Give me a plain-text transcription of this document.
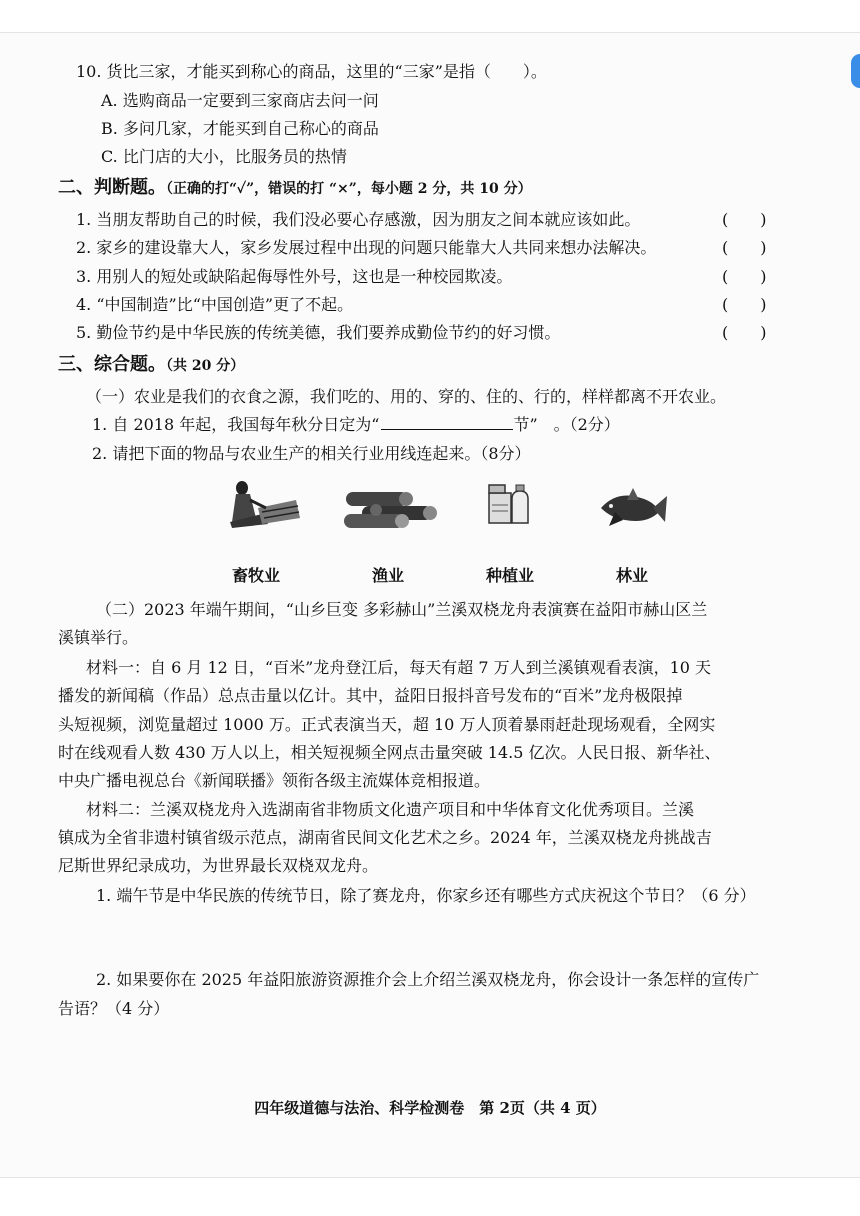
10. 货比三家，才能买到称心的商品，这里的“三家”是指（　　）。
A. 选购商品一定要到三家商店去问一问
B. 多问几家，才能买到自己称心的商品
C. 比门店的大小，比服务员的热情
二、判断题。（正确的打“✓”，错误的打 “×”，每小题 2 分，共 10 分）
1. 当朋友帮助自己的时候，我们没必要心存感激，因为朋友之间本就应该如此。	(　　)
2. 家乡的建设靠大人，家乡发展过程中出现的问题只能靠大人共同来想办法解决。	(　　)
3. 用别人的短处或缺陷起侮辱性外号，这也是一种校园欺凌。	(　　)
4. “中国制造”比“中国创造”更了不起。	(　　)
5. 勤俭节约是中华民族的传统美德，我们要养成勤俭节约的好习惯。	(　　)
三、综合题。（共 20 分）
（一）农业是我们的衣食之源，我们吃的、用的、穿的、住的、行的，样样都离不开农业。
1. 自 2018 年起，我国每年秋分日定为“	节”　。（2分）
2. 请把下面的物品与农业生产的相关行业用线连起来。（8分）
畜牧业	渔业	种植业	林业
（二）2023 年端午期间，“山乡巨变 多彩赫山”兰溪双桡龙舟表演赛在益阳市赫山区兰
溪镇举行。
材料一：自 6 月 12 日，“百米”龙舟登江后，每天有超 7 万人到兰溪镇观看表演，10 天
播发的新闻稿（作品）总点击量以亿计。其中，益阳日报抖音号发布的“百米”龙舟极限掉
头短视频，浏览量超过 1000 万。正式表演当天，超 10 万人顶着暴雨赶赴现场观看，全网实
时在线观看人数 430 万人以上，相关短视频全网点击量突破 14.5 亿次。人民日报、新华社、
中央广播电视总台《新闻联播》领衔各级主流媒体竞相报道。
材料二：兰溪双桡龙舟入选湖南省非物质文化遗产项目和中华体育文化优秀项目。兰溪
镇成为全省非遗村镇省级示范点，湖南省民间文化艺术之乡。2024 年，兰溪双桡龙舟挑战吉
尼斯世界纪录成功，为世界最长双桡双龙舟。
1. 端午节是中华民族的传统节日，除了赛龙舟，你家乡还有哪些方式庆祝这个节日？（6 分）
2. 如果要你在 2025 年益阳旅游资源推介会上介绍兰溪双桡龙舟，你会设计一条怎样的宣传广
告语？（4 分）
四年级道德与法治、科学检测卷　第 2页（共 4 页）
